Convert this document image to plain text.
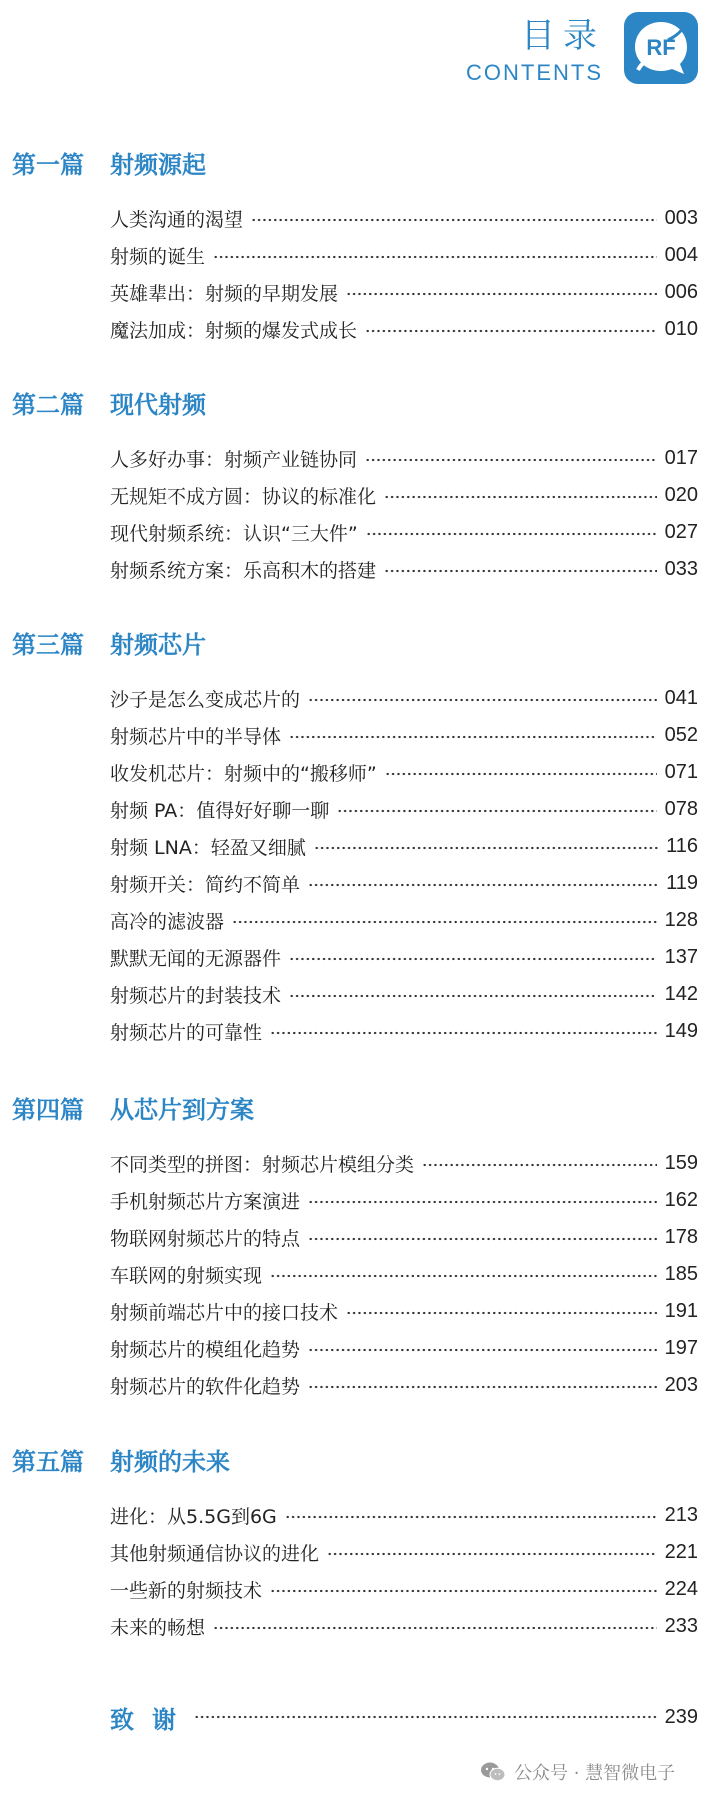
目录
CONTENTS
RF
第一篇 射频源起
人类沟通的渴望	003
射频的诞生	004
英雄辈出：射频的早期发展	006
魔法加成：射频的爆发式成长	010
第二篇 现代射频
人多好办事：射频产业链协同	017
无规矩不成方圆：协议的标准化	020
现代射频系统：认识“三大件”	027
射频系统方案：乐高积木的搭建	033
第三篇 射频芯片
沙子是怎么变成芯片的	041
射频芯片中的半导体	052
收发机芯片：射频中的“搬移师”	071
射频 PA：值得好好聊一聊	078
射频 LNA：轻盈又细腻	116
射频开关：简约不简单	119
高冷的滤波器	128
默默无闻的无源器件	137
射频芯片的封装技术	142
射频芯片的可靠性	149
第四篇 从芯片到方案
不同类型的拼图：射频芯片模组分类	159
手机射频芯片方案演进	162
物联网射频芯片的特点	178
车联网的射频实现	185
射频前端芯片中的接口技术	191
射频芯片的模组化趋势	197
射频芯片的软件化趋势	203
第五篇 射频的未来
进化：从5.5G到6G	213
其他射频通信协议的进化	221
一些新的射频技术	224
未来的畅想	233
致谢	239
公众号 · 慧智微电子
